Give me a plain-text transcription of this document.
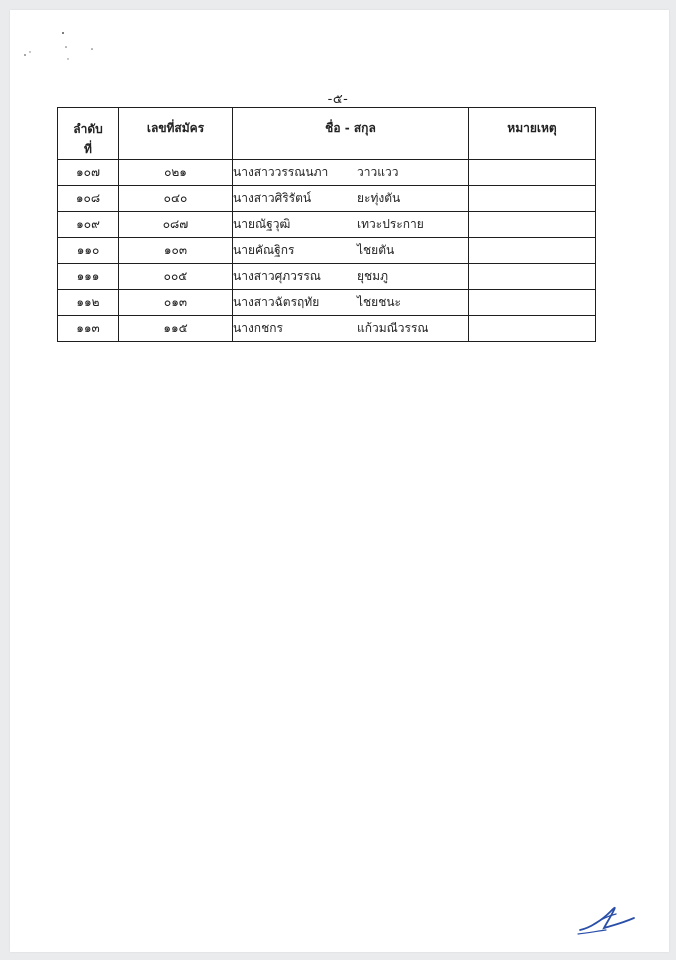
-๕-
ลำดับ
ที่	เลขที่สมัคร	ชื่อ - สกุล	หมายเหตุ
๑๐๗	๐๒๑	นางสาววรรณนภา วาวแวว	
๑๐๘	๐๔๐	นางสาวศิริรัตน์ ยะทุ่งตัน	
๑๐๙	๐๘๗	นายณัฐวุฒิ เทวะประกาย	
๑๑๐	๑๐๓	นายคัณฐิกร ไชยตัน	
๑๑๑	๐๐๕	นางสาวศุภวรรณ ยุชมภู	
๑๑๒	๐๑๓	นางสาวฉัตรฤทัย ไชยชนะ	
๑๑๓	๑๑๕	นางกชกร แก้วมณีวรรณ	
